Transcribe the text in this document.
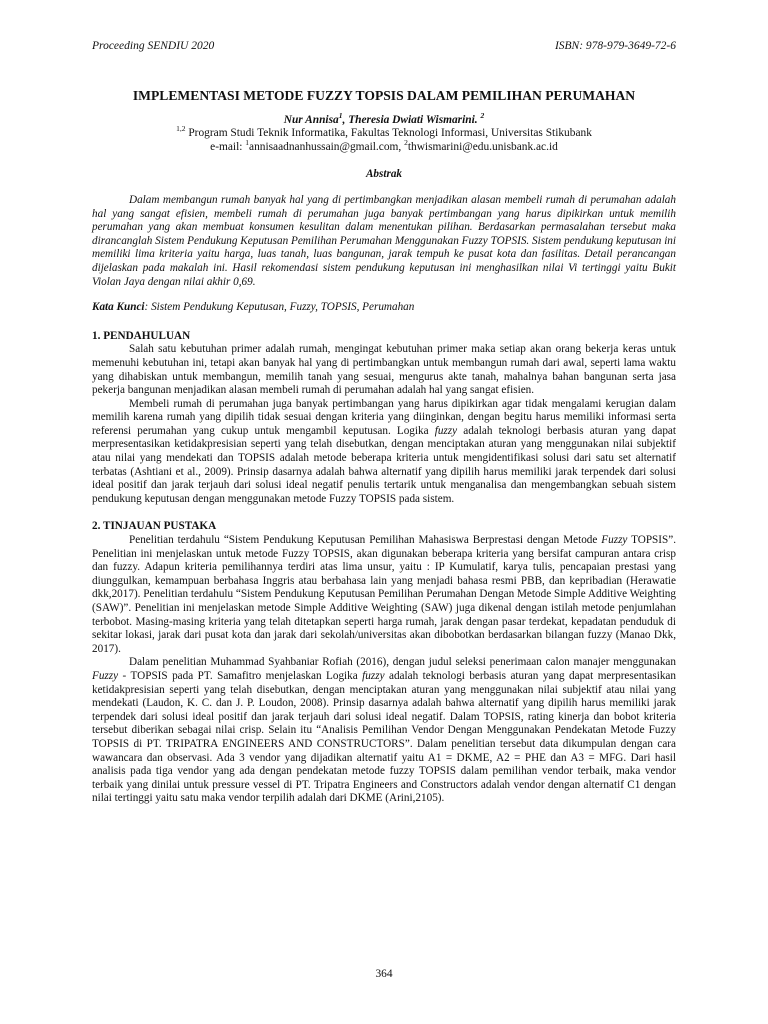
Proceeding SENDIU 2020	ISBN: 978-979-3649-72-6
IMPLEMENTASI METODE FUZZY TOPSIS DALAM PEMILIHAN PERUMAHAN
Nur Annisa$^1$, Theresia Dwiati Wismarini. $^2$
$^{1,2}$ Program Studi Teknik Informatika, Fakultas Teknologi Informasi, Universitas Stikubank
e-mail: $^1$annisaadnanhussain@gmail.com, $^2$thwismarini@edu.unisbank.ac.id
Abstrak

Dalam membangun rumah banyak hal yang di pertimbangkan menjadikan alasan membeli rumah di perumahan adalah hal yang sangat efisien, membeli rumah di perumahan juga banyak pertimbangan yang harus dipikirkan untuk memilih perumahan yang akan membuat konsumen kesulitan dalam menentukan pilihan. Berdasarkan permasalahan tersebut maka dirancanglah Sistem Pendukung Keputusan Pemilihan Perumahan Menggunakan Fuzzy TOPSIS. Sistem pendukung keputusan ini memiliki lima kriteria yaitu harga, luas tanah, luas bangunan, jarak tempuh ke pusat kota dan fasilitas. Detail perancangan dijelaskan pada makalah ini. Hasil rekomendasi sistem pendukung keputusan ini menghasilkan nilai Vi tertinggi yaitu Bukit Violan Jaya dengan nilai akhir 0,69.

Kata Kunci: Sistem Pendukung Keputusan, Fuzzy, TOPSIS, Perumahan

1. PENDAHULUAN

Salah satu kebutuhan primer adalah rumah, mengingat kebutuhan primer maka setiap akan orang bekerja keras untuk memenuhi kebutuhan ini, tetapi akan banyak hal yang di pertimbangkan untuk membangun rumah dari awal, seperti lama waktu yang dihabiskan untuk membangun, memilih tanah yang sesuai, mengurus akte tanah, mahalnya bahan bangunan serta jasa pekerja bangunan menjadikan alasan membeli rumah di perumahan adalah hal yang sangat efisien.

Membeli rumah di perumahan juga banyak pertimbangan yang harus dipikirkan agar tidak mengalami kerugian dalam memilih karena rumah yang dipilih tidak sesuai dengan kriteria yang diinginkan, dengan begitu harus memiliki informasi serta referensi perumahan yang cukup untuk mengambil keputusan. Logika fuzzy adalah teknologi berbasis aturan yang dapat merpresentasikan ketidakpresisian seperti yang telah disebutkan, dengan menciptakan aturan yang menggunakan nilai subjektif atau nilai yang mendekati dan TOPSIS adalah metode beberapa kriteria untuk mengidentifikasi solusi dari satu set alternatif terbatas (Ashtiani et al., 2009). Prinsip dasarnya adalah bahwa alternatif yang dipilih harus memiliki jarak terpendek dari solusi ideal positif dan jarak terjauh dari solusi ideal negatif penulis tertarik untuk menganalisa dan mengembangkan sebuah sistem pendukung keputusan dengan menggunakan metode Fuzzy TOPSIS pada sistem.

2. TINJAUAN PUSTAKA

Penelitian terdahulu “Sistem Pendukung Keputusan Pemilihan Mahasiswa Berprestasi dengan Metode Fuzzy TOPSIS”. Penelitian ini menjelaskan untuk metode Fuzzy TOPSIS, akan digunakan beberapa kriteria yang bersifat campuran antara crisp dan fuzzy. Adapun kriteria pemilihannya terdiri atas lima unsur, yaitu : IP Kumulatif, karya tulis, pencapaian prestasi yang diunggulkan, kemampuan berbahasa Inggris atau berbahasa lain yang menjadi bahasa resmi PBB, dan kepribadian (Herawatie dkk,2017). Penelitian terdahulu “Sistem Pendukung Keputusan Pemilihan Perumahan Dengan Metode Simple Additive Weighting (SAW)”. Penelitian ini menjelaskan metode Simple Additive Weighting (SAW) juga dikenal dengan istilah metode penjumlahan terbobot. Masing-masing kriteria yang telah ditetapkan seperti harga rumah, jarak dengan pasar terdekat, kepadatan penduduk di sekitar lokasi, jarak dari pusat kota dan jarak dari sekolah/universitas akan dibobotkan berdasarkan bilangan fuzzy (Manao Dkk, 2017).

Dalam penelitian Muhammad Syahbaniar Rofiah (2016), dengan judul seleksi penerimaan calon manajer menggunakan Fuzzy - TOPSIS pada PT. Samafitro menjelaskan Logika fuzzy adalah teknologi berbasis aturan yang dapat merpresentasikan ketidakpresisian seperti yang telah disebutkan, dengan menciptakan aturan yang menggunakan nilai subjektif atau nilai yang mendekati (Laudon, K. C. dan J. P. Loudon, 2008). Prinsip dasarnya adalah bahwa alternatif yang dipilih harus memiliki jarak terpendek dari solusi ideal positif dan jarak terjauh dari solusi ideal negatif. Dalam TOPSIS, rating kinerja dan bobot kriteria tersebut diberikan sebagai nilai crisp. Selain itu “Analisis Pemilihan Vendor Dengan Menggunakan Pendekatan Metode Fuzzy TOPSIS di PT. TRIPATRA ENGINEERS AND CONSTRUCTORS”. Dalam penelitian tersebut data dikumpulan dengan cara wawancara dan observasi. Ada 3 vendor yang dijadikan alternatif yaitu A1 = DKME, A2 = PHE dan A3 = MFG. Dari hasil analisis pada tiga vendor yang ada dengan pendekatan metode fuzzy TOPSIS dalam pemilihan vendor terbaik, maka vendor terbaik yang dinilai untuk pressure vessel di PT. Tripatra Engineers and Constructors adalah vendor dengan alternatif C1 dengan nilai tertinggi yaitu satu maka vendor terpilih adalah dari DKME (Arini,2105).

364
